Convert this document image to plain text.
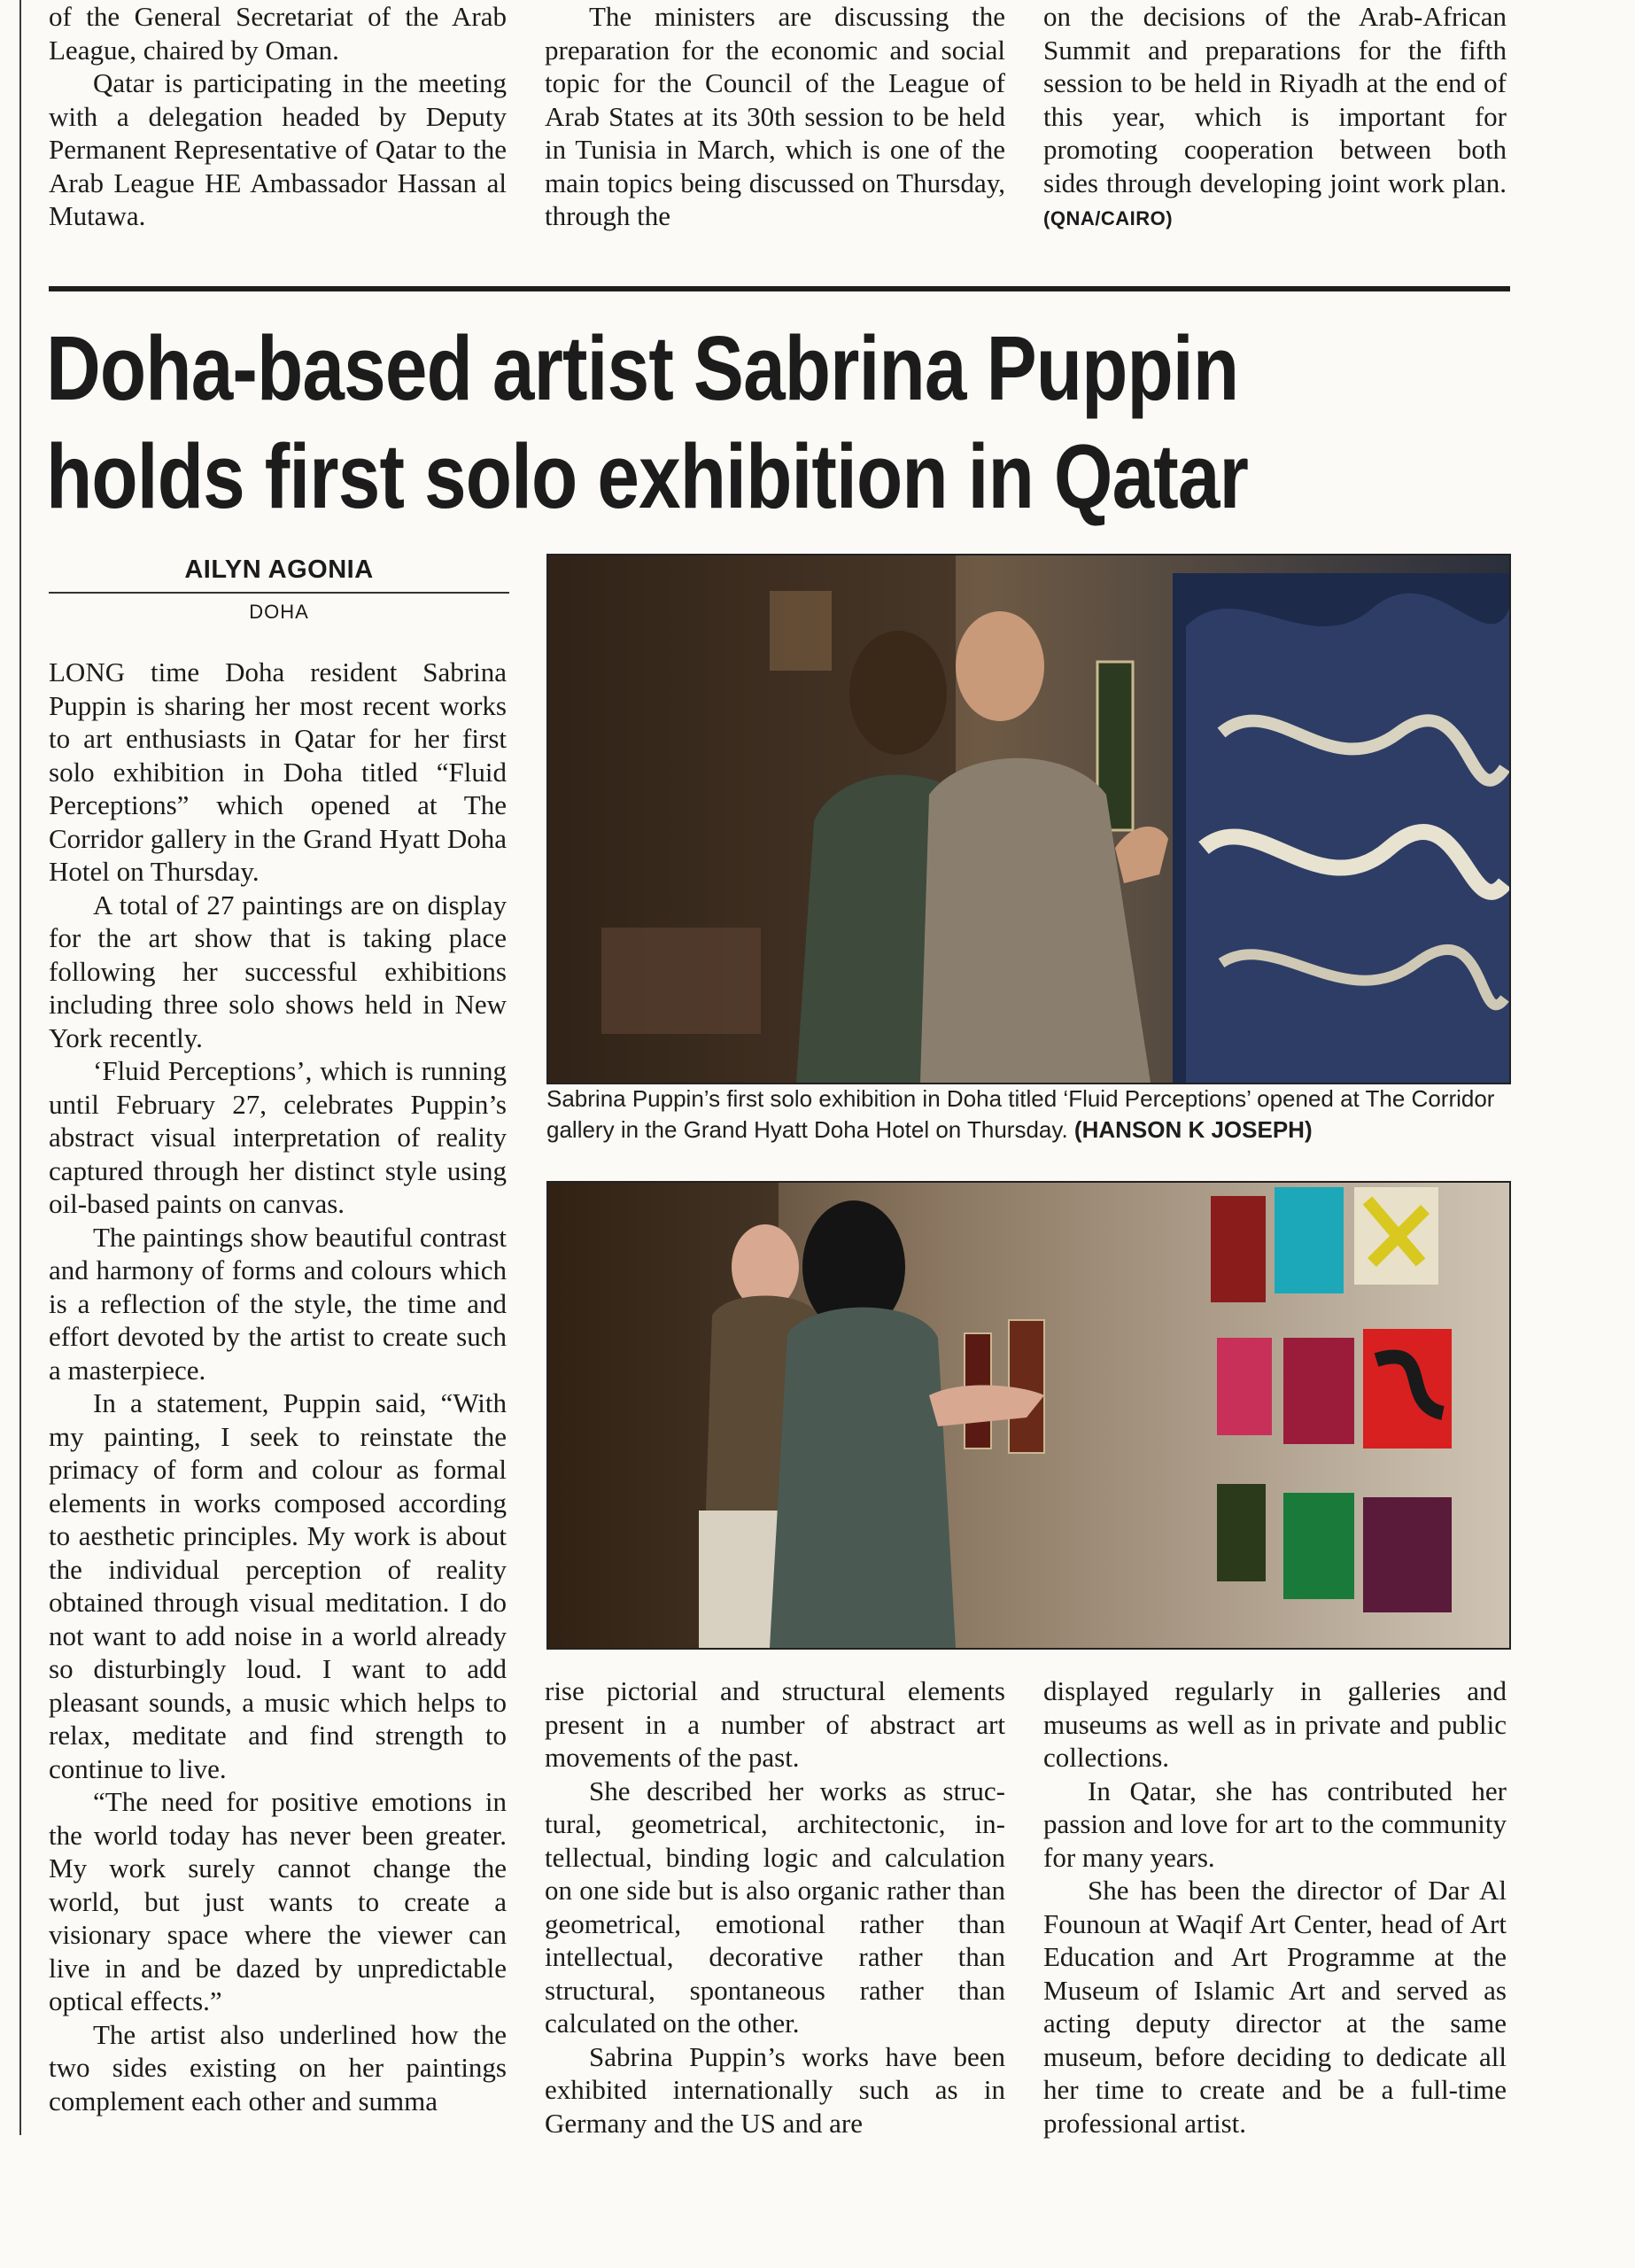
of the General Secretariat of the Arab League, chaired by Oman.

Qatar is participating in the meeting with a delegation headed by Deputy Permanent Representative of Qatar to the Arab League HE Ambassador Hassan al Mutawa.

The ministers are discussing the preparation for the economic and social topic for the Council of the League of Arab States at its 30th session to be held in Tunisia in March, which is one of the main topics being discussed on Thursday, through the

on the decisions of the Arab-African Summit and preparations for the fifth session to be held in Riyadh at the end of this year, which is important for promoting cooperation between both sides through developing joint work plan. (QNA/CAIRO)

Doha-based artist Sabrina Puppin
holds first solo exhibition in Qatar
AILYN AGONIA
DOHA

LONG time Doha resident Sabrina Puppin is sharing her most recent works to art enthusiasts in Qatar for her first solo exhibition in Doha titled “Fluid Perceptions” which opened at The Corridor gallery in the Grand Hyatt Doha Hotel on Thursday.

A total of 27 paintings are on display for the art show that is taking place following her successful exhibitions including three solo shows held in New York recently.

‘Fluid Perceptions’, which is running until February 27, celebrates Puppin’s abstract visual interpretation of reality captured through her distinct style using oil-based paints on canvas.

The paintings show beautiful contrast and harmony of forms and colours which is a reflection of the style, the time and effort devoted by the artist to create such a masterpiece.

In a statement, Puppin said, “With my painting, I seek to reinstate the primacy of form and colour as formal elements in works composed according to aesthetic principles. My work is about the individual perception of reality obtained through visual meditation. I do not want to add noise in a world already so disturbingly loud. I want to add pleasant sounds, a music which helps to relax, meditate and find strength to continue to live.

“The need for positive emotions in the world today has never been greater. My work surely cannot change the world, but just wants to create a visionary space where the viewer can live in and be dazed by unpredictable optical effects.”

The artist also underlined how the two sides existing on her paintings complement each other and summa

Sabrina Puppin’s first solo exhibition in Doha titled ‘Fluid Perceptions’ opened at The Corridor gallery in the Grand Hyatt Doha Hotel on Thursday. (HANSON K JOSEPH)

rise pictorial and structural elements present in a number of abstract art movements of the past.

She described her works as structural, geometrical, architectonic, intellectual, binding logic and calculation on one side but is also organic rather than geometrical, emotional rather than intellectual, decorative rather than structural, spontaneous rather than calculated on the other.

Sabrina Puppin’s works have been exhibited internationally such as in Germany and the US and are

displayed regularly in galleries and museums as well as in private and public collections.

In Qatar, she has contributed her passion and love for art to the community for many years.

She has been the director of Dar Al Founoun at Waqif Art Center, head of Art Education and Art Programme at the Museum of Islamic Art and served as acting deputy director at the same museum, before deciding to dedicate all her time to create and be a full-time professional artist.
